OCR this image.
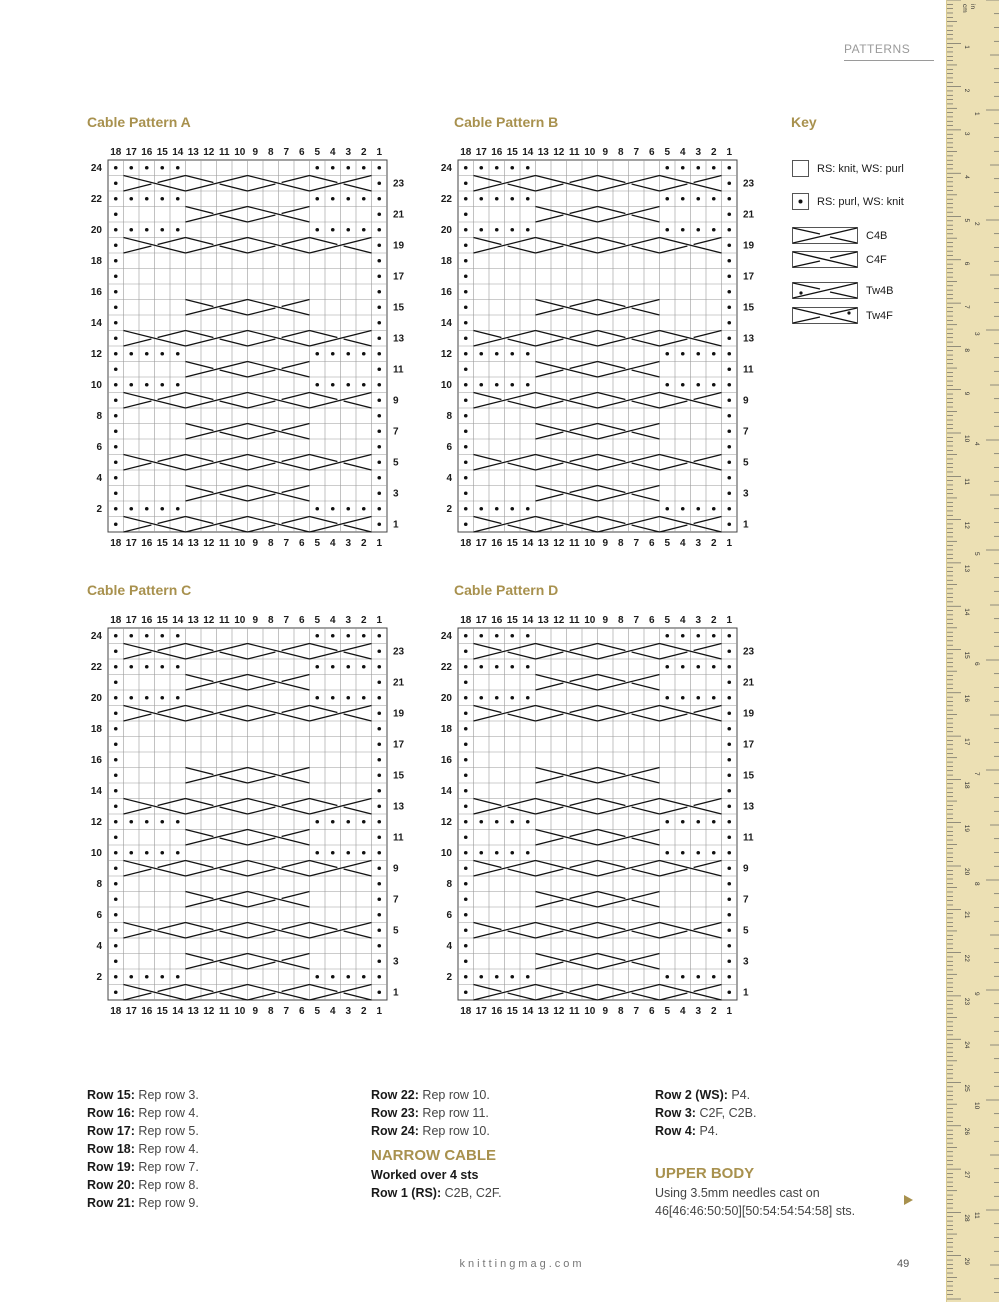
PATTERNS
Cable Pattern A	Cable Pattern B
Cable Pattern C	Cable Pattern D
18
18
17
17
16
16
15
15
14
14
13
13
12
12
11
11
10
10
9
9
8
8
7
7
6
6
5
5
4
4
3
3
2
2
1
1
24
22
20
18
16
14
12
10
8
6
4
2
23
21
19
17
15
13
11
9
7
5
3
1
18
18
17
17
16
16
15
15
14
14
13
13
12
12
11
11
10
10
9
9
8
8
7
7
6
6
5
5
4
4
3
3
2
2
1
1
24
22
20
18
16
14
12
10
8
6
4
2
23
21
19
17
15
13
11
9
7
5
3
1
18
18
17
17
16
16
15
15
14
14
13
13
12
12
11
11
10
10
9
9
8
8
7
7
6
6
5
5
4
4
3
3
2
2
1
1
24
22
20
18
16
14
12
10
8
6
4
2
23
21
19
17
15
13
11
9
7
5
3
1
18
18
17
17
16
16
15
15
14
14
13
13
12
12
11
11
10
10
9
9
8
8
7
7
6
6
5
5
4
4
3
3
2
2
1
1
24
22
20
18
16
14
12
10
8
6
4
2
23
21
19
17
15
13
11
9
7
5
3
1
Key
RS: knit, WS: purl
RS: purl, WS: knit
C4B
C4F
Tw4B
Tw4F
Row 15: Rep row 3.
Row 16: Rep row 4.
Row 17: Rep row 5.
Row 18: Rep row 4.
Row 19: Rep row 7.
Row 20: Rep row 8.
Row 21: Rep row 9.
Row 22: Rep row 10.
Row 23: Rep row 11.
Row 24: Rep row 10.
NARROW CABLE
Worked over 4 sts
Row 1 (RS): C2B, C2F.
Row 2 (WS): P4.
Row 3: C2F, C2B.
Row 4: P4.
UPPER BODY
Using 3.5mm needles cast on
46[46:46:50:50][50:54:54:54:58] sts.
knittingmag.com	49
1
2
3
4
5
6
7
8
9
10
11
12
13
14
15
16
17
18
19
20
21
22
23
24
25
26
27
28
29
1
2
3
4
5
6
7
8
9
10
11
cm in
